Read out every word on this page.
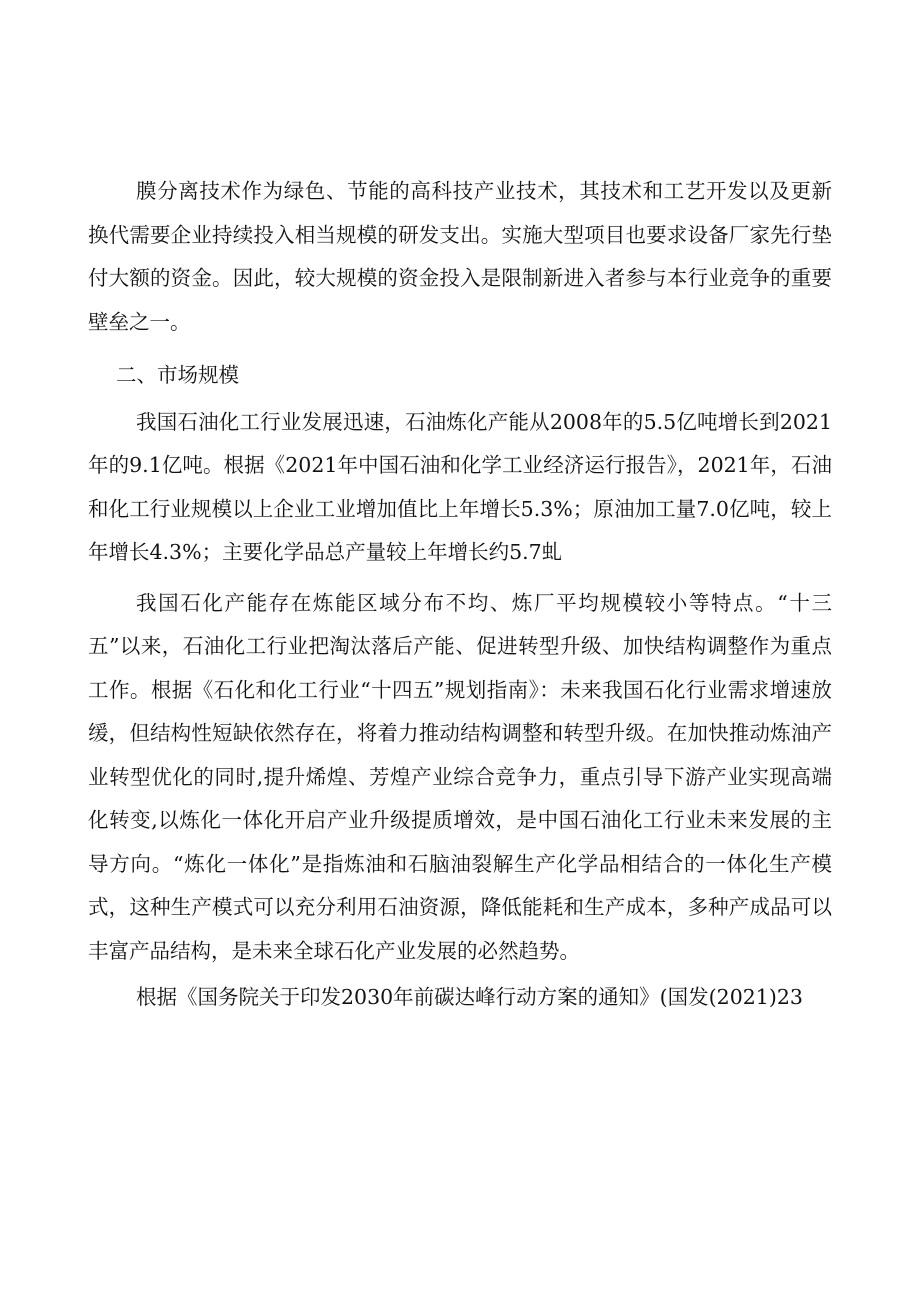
膜分离技术作为绿色、节能的高科技产业技术，其技术和工艺开发以及更新换代需要企业持续投入相当规模的研发支出。实施大型项目也要求设备厂家先行垫付大额的资金。因此，较大规模的资金投入是限制新进入者参与本行业竞争的重要壁垒之一。

二、市场规模

我国石油化工行业发展迅速，石油炼化产能从2008年的5.5亿吨增长到2021年的9.1亿吨。根据《2021年中国石油和化学工业经济运行报告》，2021年，石油和化工行业规模以上企业工业增加值比上年增长5.3%；原油加工量7.0亿吨，较上年增长4.3%；主要化学品总产量较上年增长约5.7虬

我国石化产能存在炼能区域分布不均、炼厂平均规模较小等特点。“十三五”以来，石油化工行业把淘汰落后产能、促进转型升级、加快结构调整作为重点工作。根据《石化和化工行业“十四五”规划指南》：未来我国石化行业需求增速放缓，但结构性短缺依然存在，将着力推动结构调整和转型升级。在加快推动炼油产业转型优化的同时,提升烯煌、芳煌产业综合竞争力，重点引导下游产业实现高端化转变,以炼化一体化开启产业升级提质增效，是中国石油化工行业未来发展的主导方向。“炼化一体化”是指炼油和石脑油裂解生产化学品相结合的一体化生产模式，这种生产模式可以充分利用石油资源，降低能耗和生产成本，多种产成品可以丰富产品结构，是未来全球石化产业发展的必然趋势。

根据《国务院关于印发2030年前碳达峰行动方案的通知》(国发(2021)23
